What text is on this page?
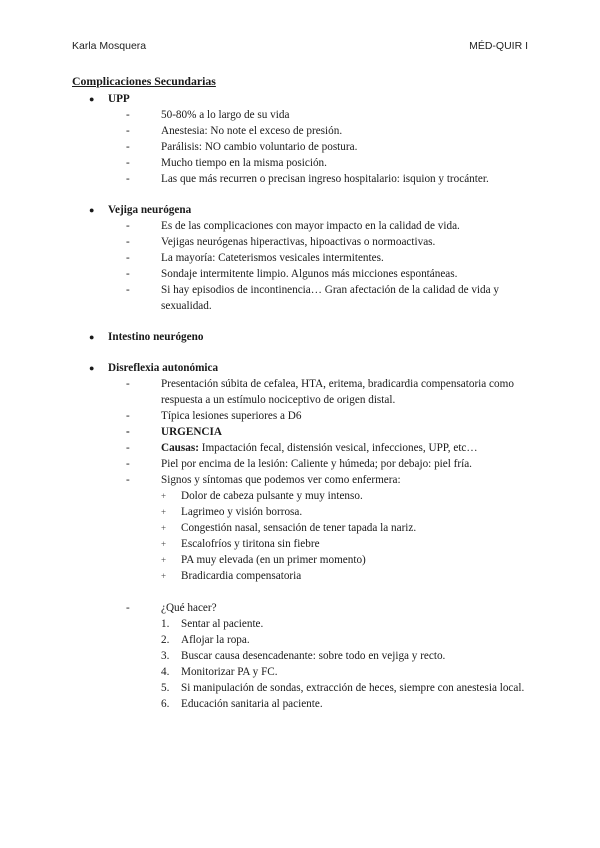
Karla Mosquera	MÉD-QUIR I
Complicaciones Secundarias
● UPP
-	50-80% a lo largo de su vida
-	Anestesia: No note el exceso de presión.
-	Parálisis: NO cambio voluntario de postura.
-	Mucho tiempo en la misma posición.
-	Las que más recurren o precisan ingreso hospitalario: isquion y trocánter.
● Vejiga neurógena
-	Es de las complicaciones con mayor impacto en la calidad de vida.
-	Vejigas neurógenas hiperactivas, hipoactivas o normoactivas.
-	La mayoría: Cateterismos vesicales intermitentes.
-	Sondaje intermitente limpio. Algunos más micciones espontáneas.
-	Si hay episodios de incontinencia… Gran afectación de la calidad de vida y sexualidad.
● Intestino neurógeno
● Disreflexia autonómica
-	Presentación súbita de cefalea, HTA, eritema, bradicardia compensatoria como respuesta a un estímulo nociceptivo de origen distal.
-	Típica lesiones superiores a D6
-	URGENCIA
-	Causas: Impactación fecal, distensión vesical, infecciones, UPP, etc…
-	Piel por encima de la lesión: Caliente y húmeda; por debajo: piel fría.
-	Signos y síntomas que podemos ver como enfermera:
+ Dolor de cabeza pulsante y muy intenso.
+ Lagrimeo y visión borrosa.
+ Congestión nasal, sensación de tener tapada la nariz.
+ Escalofríos y tiritona sin fiebre
+ PA muy elevada (en un primer momento)
+ Bradicardia compensatoria
-	¿Qué hacer?
1. Sentar al paciente.
2. Aflojar la ropa.
3. Buscar causa desencadenante: sobre todo en vejiga y recto.
4. Monitorizar PA y FC.
5. Si manipulación de sondas, extracción de heces, siempre con anestesia local.
6. Educación sanitaria al paciente.
